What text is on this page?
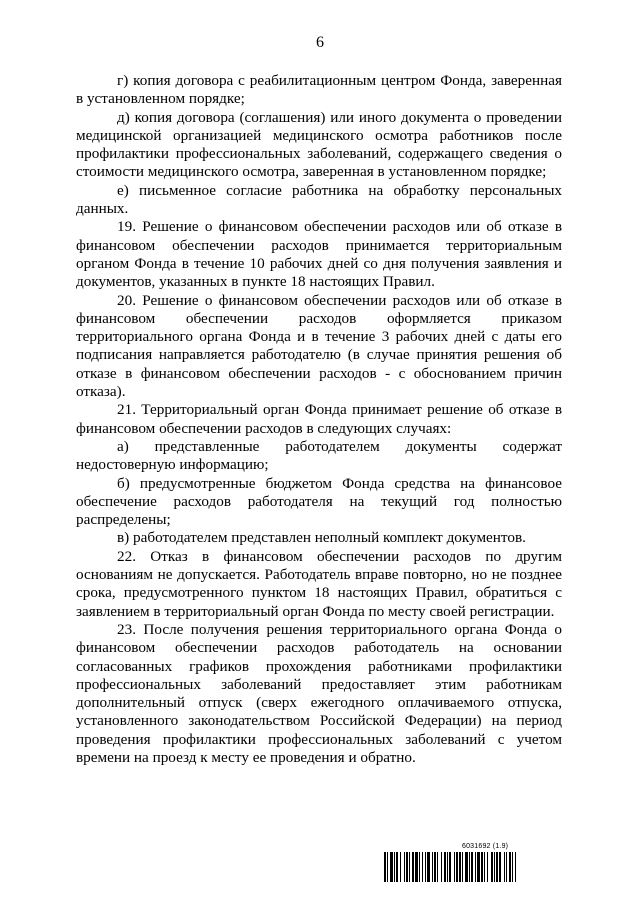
6

г) копия договора с реабилитационным центром Фонда, заверенная в установленном порядке;

д) копия договора (соглашения) или иного документа о проведении медицинской организацией медицинского осмотра работников после профилактики профессиональных заболеваний, содержащего сведения о стоимости медицинского осмотра, заверенная в установленном порядке;

е) письменное согласие работника на обработку персональных данных.

19. Решение о финансовом обеспечении расходов или об отказе в финансовом обеспечении расходов принимается территориальным органом Фонда в течение 10 рабочих дней со дня получения заявления и документов, указанных в пункте 18 настоящих Правил.

20. Решение о финансовом обеспечении расходов или об отказе в финансовом обеспечении расходов оформляется приказом территориального органа Фонда и в течение 3 рабочих дней с даты его подписания направляется работодателю (в случае принятия решения об отказе в финансовом обеспечении расходов - с обоснованием причин отказа).

21. Территориальный орган Фонда принимает решение об отказе в финансовом обеспечении расходов в следующих случаях:

а) представленные работодателем документы содержат недостоверную информацию;

б) предусмотренные бюджетом Фонда средства на финансовое обеспечение расходов работодателя на текущий год полностью распределены;

в) работодателем представлен неполный комплект документов.

22. Отказ в финансовом обеспечении расходов по другим основаниям не допускается. Работодатель вправе повторно, но не позднее срока, предусмотренного пунктом 18 настоящих Правил, обратиться с заявлением в территориальный орган Фонда по месту своей регистрации.

23. После получения решения территориального органа Фонда о финансовом обеспечении расходов работодатель на основании согласованных графиков прохождения работниками профилактики профессиональных заболеваний предоставляет этим работникам дополнительный отпуск (сверх ежегодного оплачиваемого отпуска, установленного законодательством Российской Федерации) на период проведения профилактики профессиональных заболеваний с учетом времени на проезд к месту ее проведения и обратно.

6031692 (1.9)
